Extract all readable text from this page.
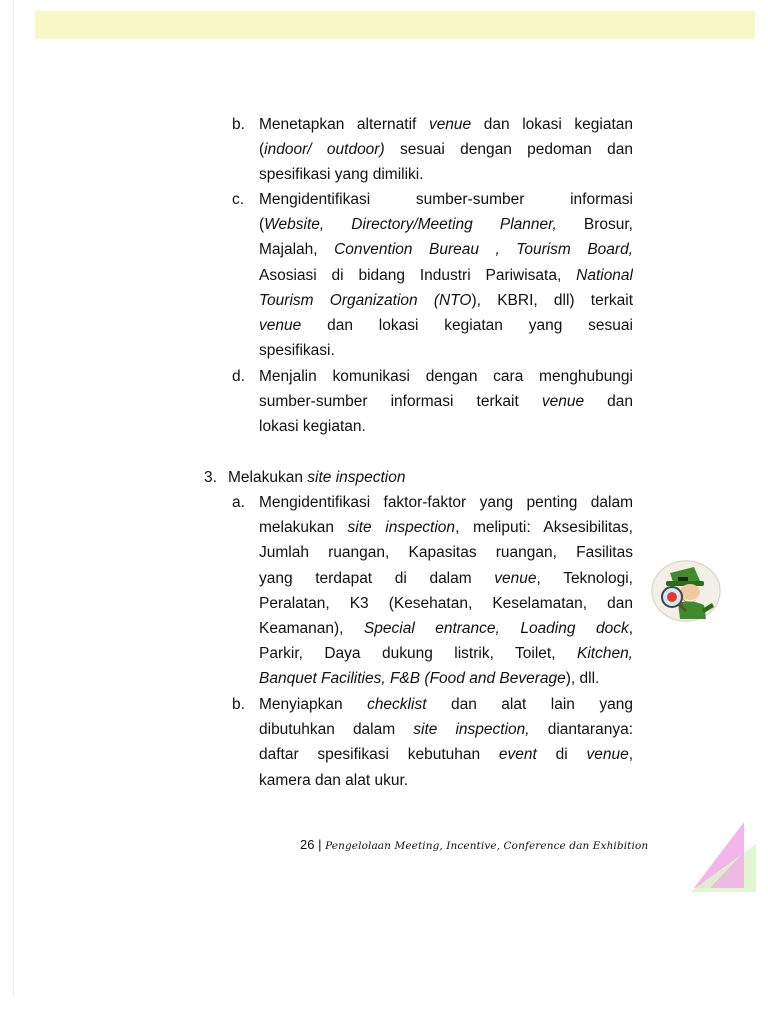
b. Menetapkan alternatif venue dan lokasi kegiatan
(indoor/ outdoor) sesuai dengan pedoman dan
spesifikasi yang dimiliki.
c. Mengidentifikasi sumber-sumber informasi
(Website, Directory/Meeting Planner, Brosur,
Majalah, Convention Bureau , Tourism Board,
Asosiasi di bidang Industri Pariwisata, National
Tourism Organization (NTO), KBRI, dll) terkait
venue dan lokasi kegiatan yang sesuai
spesifikasi.
d. Menjalin komunikasi dengan cara menghubungi
sumber-sumber informasi terkait venue dan
lokasi kegiatan.
3. Melakukan site inspection
a. Mengidentifikasi faktor-faktor yang penting dalam
melakukan site inspection, meliputi: Aksesibilitas,
Jumlah ruangan, Kapasitas ruangan, Fasilitas
yang terdapat di dalam venue, Teknologi,
Peralatan, K3 (Kesehatan, Keselamatan, dan
Keamanan), Special entrance, Loading dock,
Parkir, Daya dukung listrik, Toilet, Kitchen,
Banquet Facilities, F&B (Food and Beverage), dll.
b. Menyiapkan checklist dan alat lain yang
dibutuhkan dalam site inspection, diantaranya:
daftar spesifikasi kebutuhan event di venue,
kamera dan alat ukur.
26 | Pengelolaan Meeting, Incentive, Conference dan Exhibition
